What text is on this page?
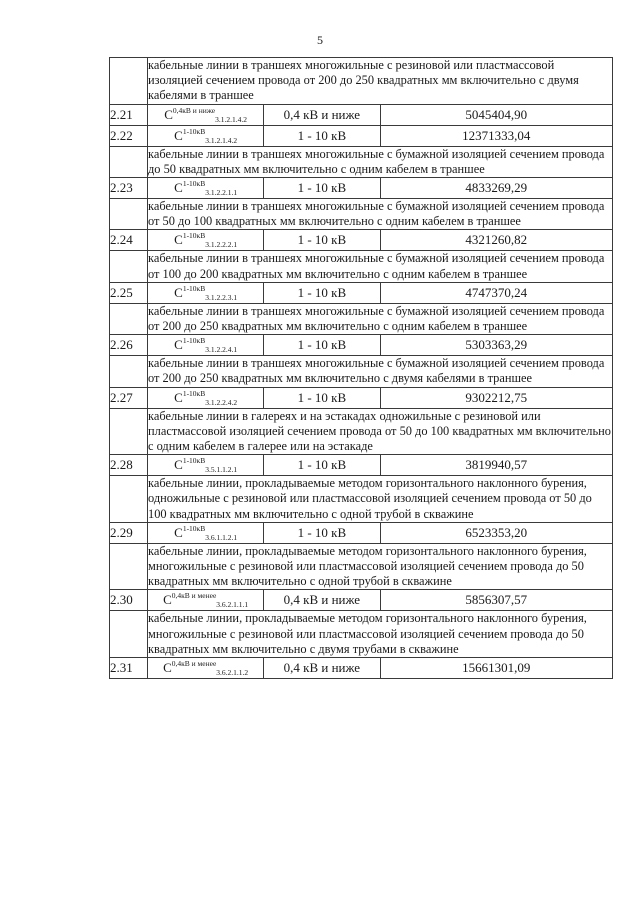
5
	кабельные линии в траншеях многожильные с резиновой или пластмассовой изоляцией сечением провода от 200 до 250 квадратных мм включительно с двумя кабелями в траншее		
2.21	$С^{0,4кВ и ниже}_{3.1.2.1.4.2}$	0,4 кВ и ниже	5045404,90
2.22	$С^{1-10кВ}_{3.1.2.1.4.2}$	1 - 10 кВ	12371333,04
	кабельные линии в траншеях многожильные с бумажной изоляцией сечением провода до 50 квадратных мм включительно с одним кабелем в траншее		
2.23	$С^{1-10кВ}_{3.1.2.2.1.1}$	1 - 10 кВ	4833269,29
	кабельные линии в траншеях многожильные с бумажной изоляцией сечением провода от 50 до 100 квадратных мм включительно с одним кабелем в траншее		
2.24	$С^{1-10кВ}_{3.1.2.2.2.1}$	1 - 10 кВ	4321260,82
	кабельные линии в траншеях многожильные с бумажной изоляцией сечением провода от 100 до 200 квадратных мм включительно с одним кабелем в траншее		
2.25	$С^{1-10кВ}_{3.1.2.2.3.1}$	1 - 10 кВ	4747370,24
	кабельные линии в траншеях многожильные с бумажной изоляцией сечением провода от 200 до 250 квадратных мм включительно с одним кабелем в траншее		
2.26	$С^{1-10кВ}_{3.1.2.2.4.1}$	1 - 10 кВ	5303363,29
	кабельные линии в траншеях многожильные с бумажной изоляцией сечением провода от 200 до 250 квадратных мм включительно с двумя кабелями в траншее		
2.27	$С^{1-10кВ}_{3.1.2.2.4.2}$	1 - 10 кВ	9302212,75
	кабельные линии в галереях и на эстакадах одножильные с резиновой или пластмассовой изоляцией сечением провода от 50 до 100 квадратных мм включительно с одним кабелем в галерее или на эстакаде		
2.28	$С^{1-10кВ}_{3.5.1.1.2.1}$	1 - 10 кВ	3819940,57
	кабельные линии, прокладываемые методом горизонтального наклонного бурения, одножильные с резиновой или пластмассовой изоляцией сечением провода от 50 до 100 квадратных мм включительно с одной трубой в скважине		
2.29	$С^{1-10кВ}_{3.6.1.1.2.1}$	1 - 10 кВ	6523353,20
	кабельные линии, прокладываемые методом горизонтального наклонного бурения, многожильные с резиновой или пластмассовой изоляцией сечением провода до 50 квадратных мм включительно с одной трубой в скважине		
2.30	$С^{0,4кВ и менее}_{3.6.2.1.1.1}$	0,4 кВ и ниже	5856307,57
	кабельные линии, прокладываемые методом горизонтального наклонного бурения, многожильные с резиновой или пластмассовой изоляцией сечением провода до 50 квадратных мм включительно с двумя трубами в скважине		
2.31	$С^{0,4кВ и менее}_{3.6.2.1.1.2}$	0,4 кВ и ниже	15661301,09
